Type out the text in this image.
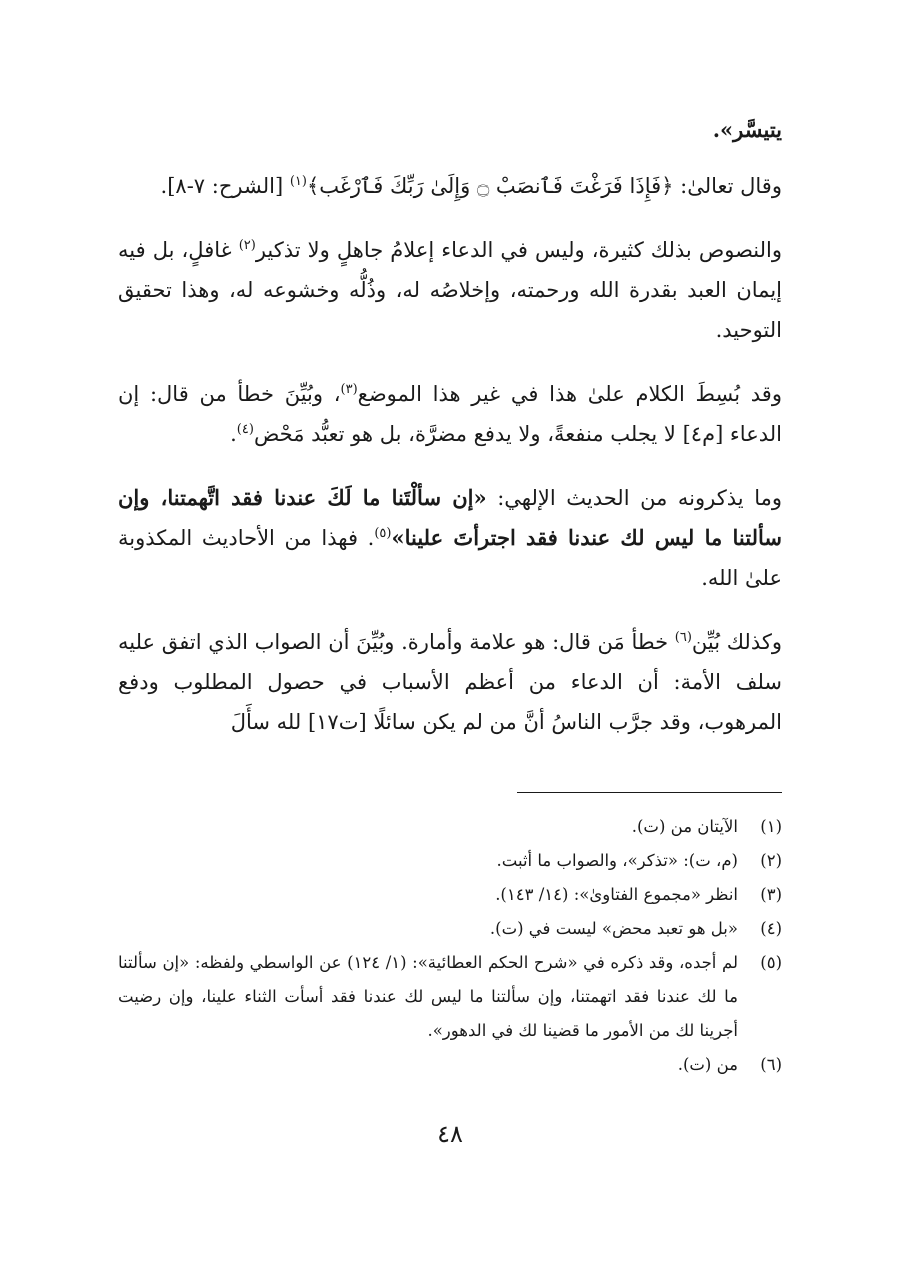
يتيسَّر».

وقال تعالىٰ: ﴿فَإِذَا فَرَغْتَ فَٱنصَبْ ۝ وَإِلَىٰ رَبِّكَ فَٱرْغَب﴾$^{(١)}$ [الشرح: ٧-٨].

والنصوص بذلك كثيرة، وليس في الدعاء إعلامُ جاهلٍ ولا تذكير$^{(٢)}$ غافلٍ، بل فيه إيمان العبد بقدرة الله ورحمته، وإخلاصُه له، وذُلُّه وخشوعه له، وهذا تحقيق التوحيد.

وقد بُسِطَ الكلام علىٰ هذا في غير هذا الموضع$^{(٣)}$، وبُيِّنَ خطأ من قال: إن الدعاء [م٤] لا يجلب منفعةً، ولا يدفع مضرَّة، بل هو تعبُّد مَحْض$^{(٤)}$.

وما يذكرونه من الحديث الإلهي: «إن سألْتَنا ما لَكَ عندنا فقد اتَّهمتنا، وإن سألتنا ما ليس لك عندنا فقد اجترأتَ علينا»$^{(٥)}$. فهذا من الأحاديث المكذوبة علىٰ الله.

وكذلك بُيِّن$^{(٦)}$ خطأ مَن قال: هو علامة وأمارة. وبُيِّنَ أن الصواب الذي اتفق عليه سلف الأمة: أن الدعاء من أعظم الأسباب في حصول المطلوب ودفع المرهوب، وقد جرَّب الناسُ أنَّ من لم يكن سائلًا [ت١٧] لله سأَلَ

(١)
الآيتان من (ت).
(٢)
(م، ت): «تذكر»، والصواب ما أثبت.
(٣)
انظر «مجموع الفتاوىٰ»: (١٤/ ١٤٣).
(٤)
«بل هو تعبد محض» ليست في (ت).
(٥)
لم أجده، وقد ذكره في «شرح الحكم العطائية»: (١/ ١٢٤) عن الواسطي ولفظه: «إن سألتنا ما لك عندنا فقد اتهمتنا، وإن سألتنا ما ليس لك عندنا فقد أسأت الثناء علينا، وإن رضيت أجرينا لك من الأمور ما قضينا لك في الدهور».
(٦)
من (ت).
٤٨
